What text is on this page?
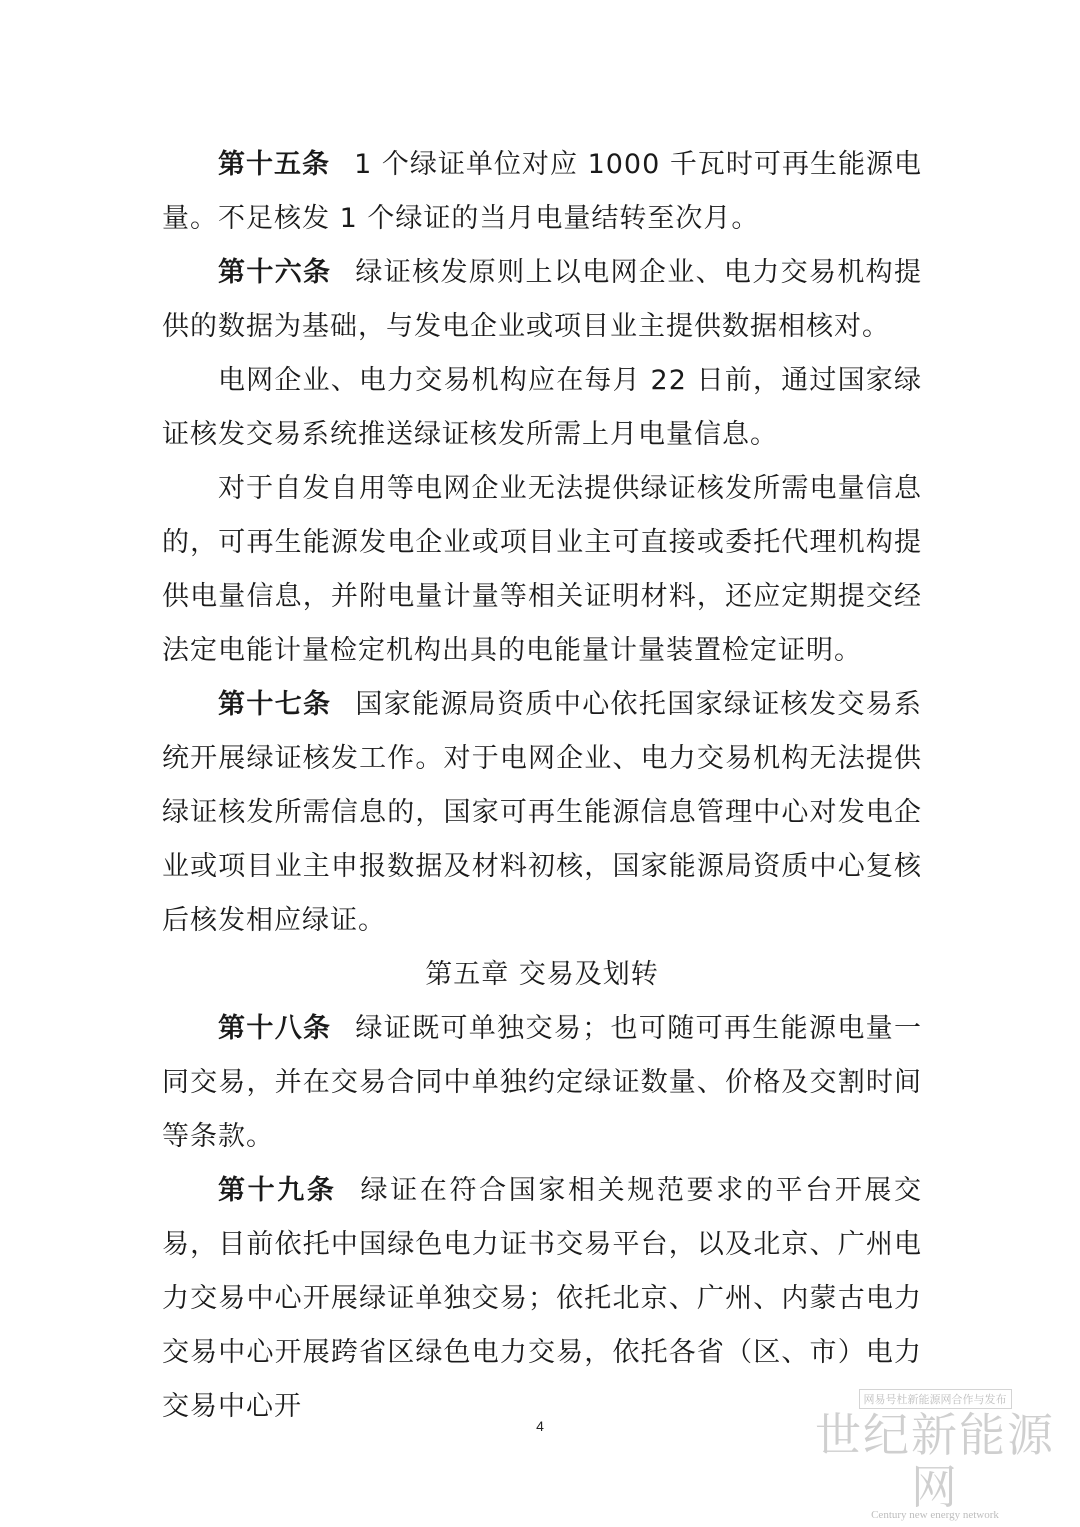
第十五条 1 个绿证单位对应 1000 千瓦时可再生能源电量。不足核发 1 个绿证的当月电量结转至次月。

第十六条 绿证核发原则上以电网企业、电力交易机构提供的数据为基础，与发电企业或项目业主提供数据相核对。

电网企业、电力交易机构应在每月 22 日前，通过国家绿证核发交易系统推送绿证核发所需上月电量信息。

对于自发自用等电网企业无法提供绿证核发所需电量信息的，可再生能源发电企业或项目业主可直接或委托代理机构提供电量信息，并附电量计量等相关证明材料，还应定期提交经法定电能计量检定机构出具的电能量计量装置检定证明。

第十七条 国家能源局资质中心依托国家绿证核发交易系统开展绿证核发工作。对于电网企业、电力交易机构无法提供绿证核发所需信息的，国家可再生能源信息管理中心对发电企业或项目业主申报数据及材料初核，国家能源局资质中心复核后核发相应绿证。

第五章 交易及划转

第十八条 绿证既可单独交易；也可随可再生能源电量一同交易，并在交易合同中单独约定绿证数量、价格及交割时间等条款。

第十九条 绿证在符合国家相关规范要求的平台开展交易，目前依托中国绿色电力证书交易平台，以及北京、广州电力交易中心开展绿证单独交易；依托北京、广州、内蒙古电力交易中心开展跨省区绿色电力交易，依托各省（区、市）电力交易中心开

4
网易号杜新能源网合作与发布
世纪新能源网
Century new energy network
